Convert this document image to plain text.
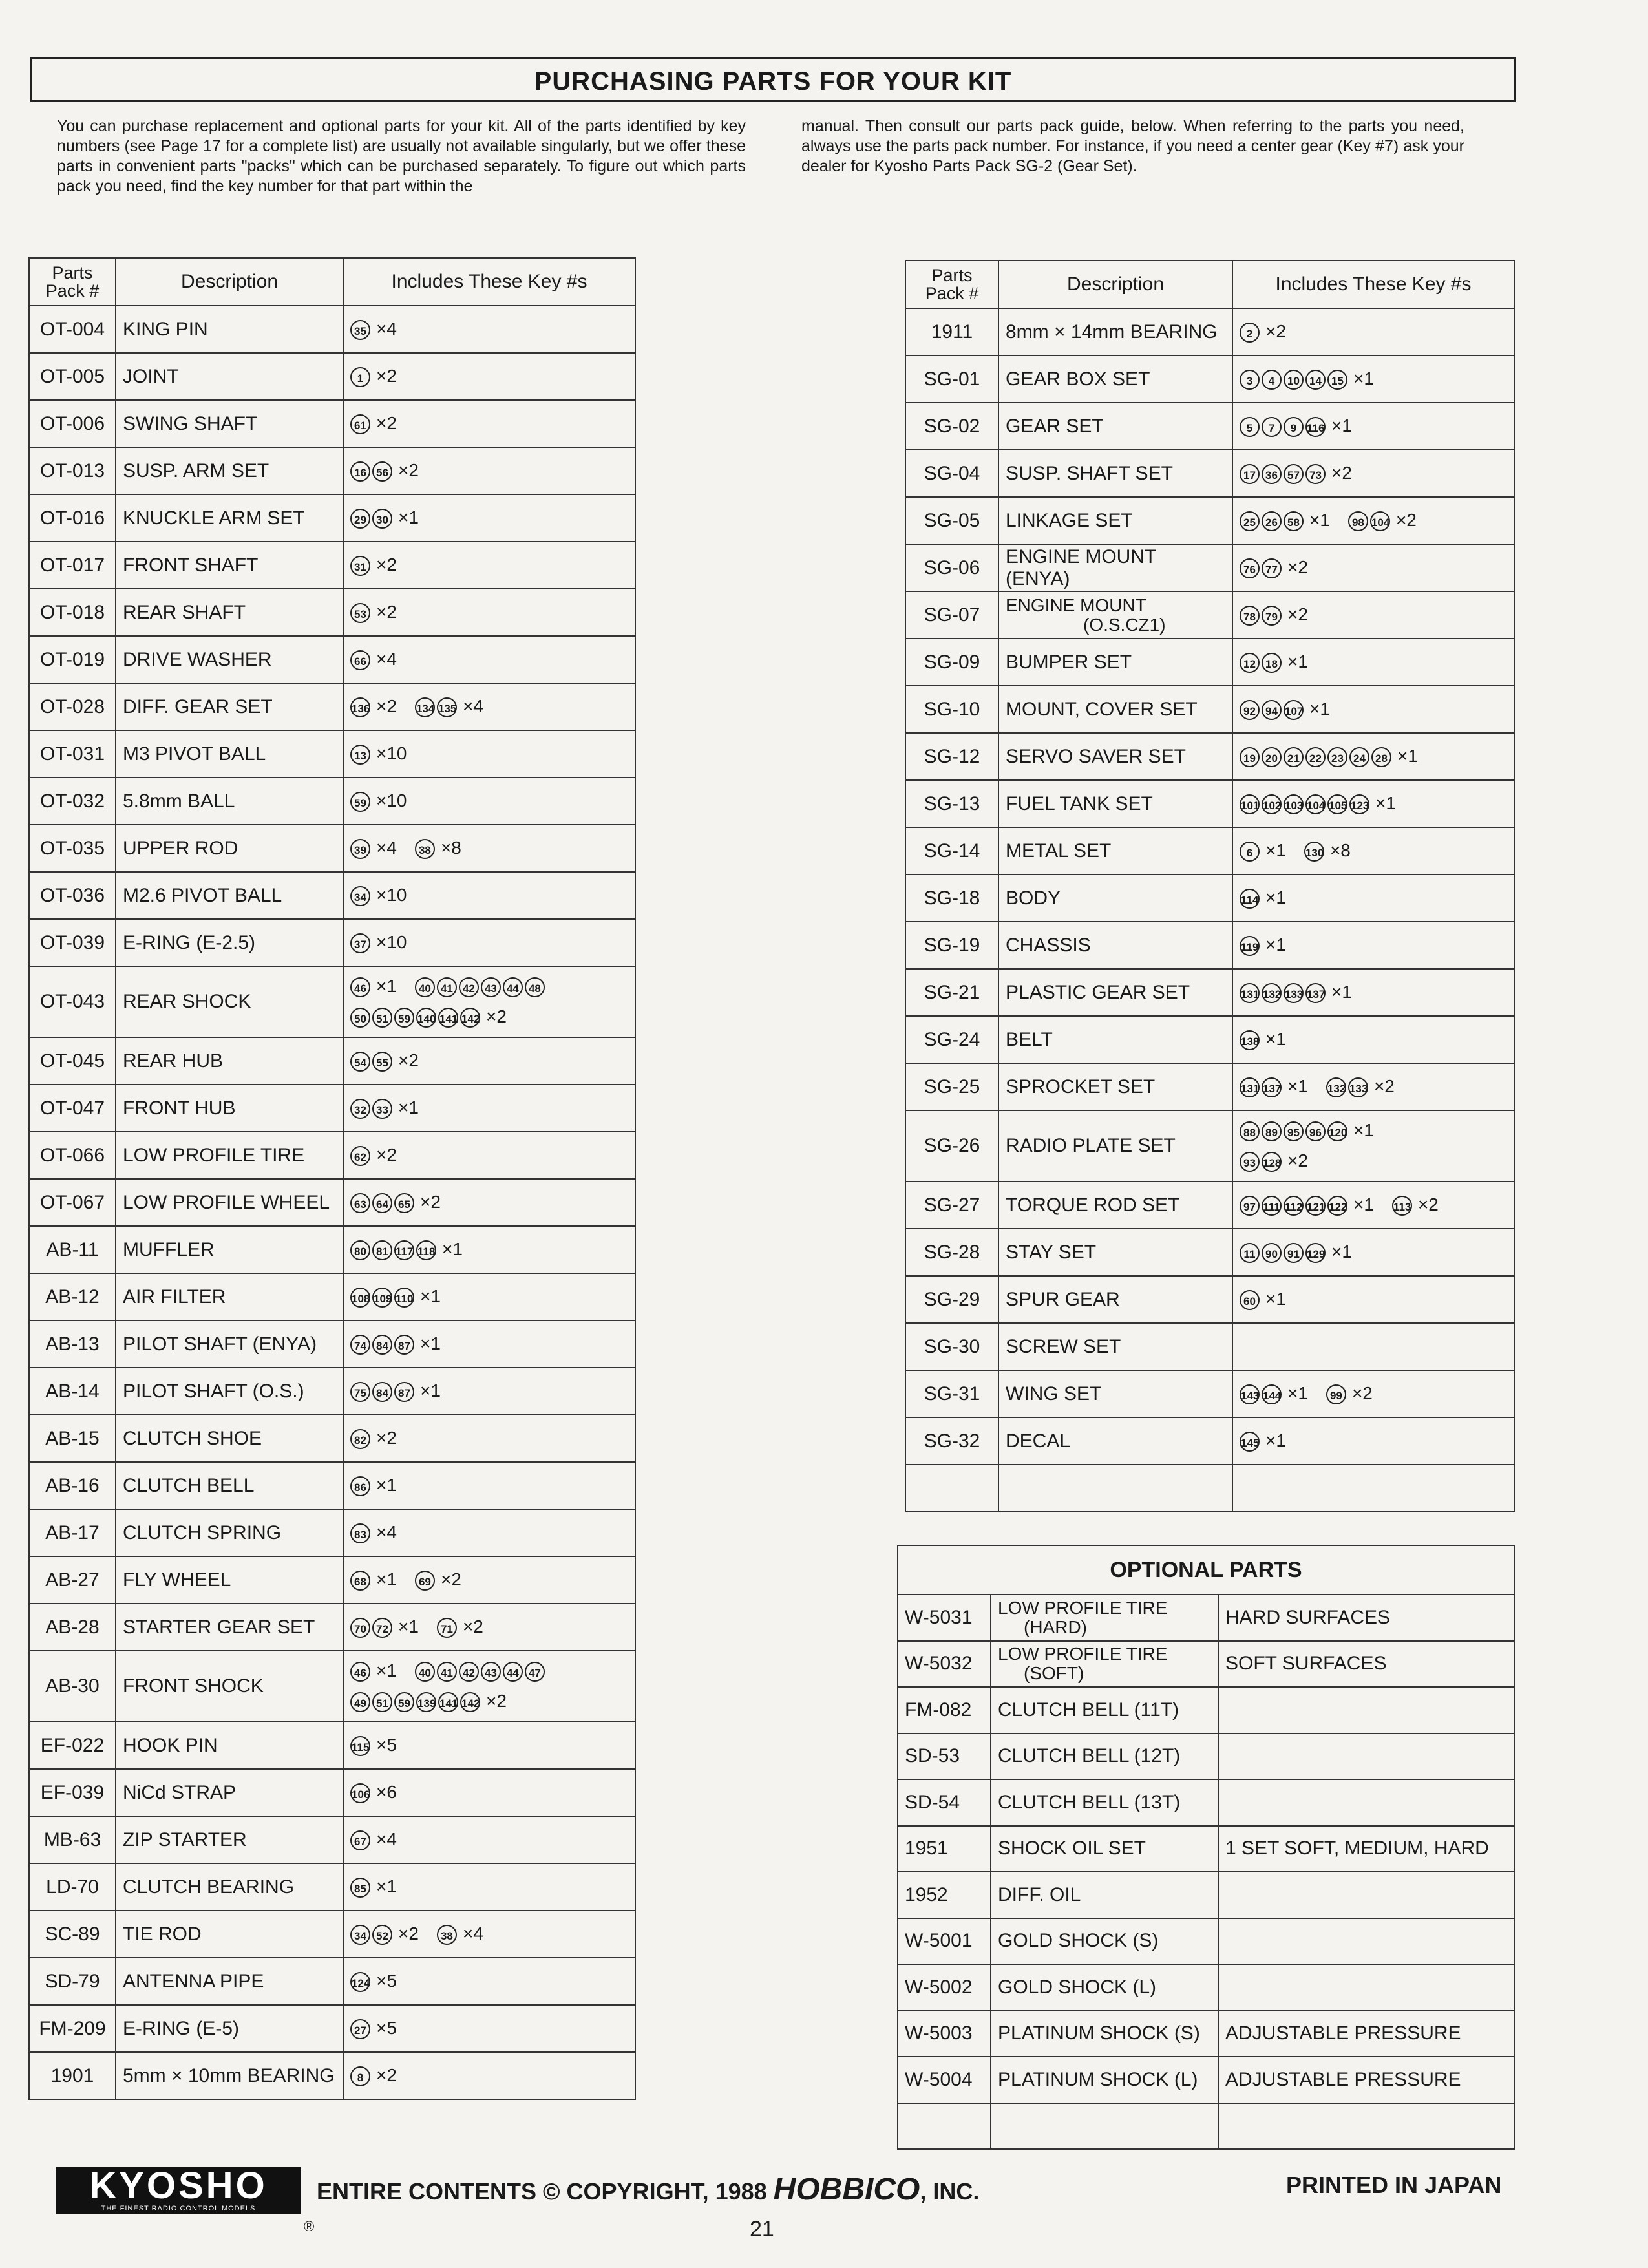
PURCHASING PARTS FOR YOUR KIT
You can purchase replacement and optional parts for your kit. All of the parts identified by key numbers (see Page 17 for a complete list) are usually not available singularly, but we offer these parts in convenient parts "packs" which can be purchased separately. To figure out which parts pack you need, find the key number for that part within the
manual. Then consult our parts pack guide, below. When referring to the parts you need, always use the parts pack number. For instance, if you need a center gear (Key #7) ask your dealer for Kyosho Parts Pack SG-2 (Gear Set).
Parts
Pack #	Description	Includes These Key #s
OT-004	KING PIN	35 ×4
OT-005	JOINT	1 ×2
OT-006	SWING SHAFT	61 ×2
OT-013	SUSP. ARM SET	16 56 ×2
OT-016	KNUCKLE ARM SET	29 30 ×1
OT-017	FRONT SHAFT	31 ×2
OT-018	REAR SHAFT	53 ×2
OT-019	DRIVE WASHER	66 ×4
OT-028	DIFF. GEAR SET	136 ×2 134 135 ×4
OT-031	M3 PIVOT BALL	13 ×10
OT-032	5.8mm BALL	59 ×10
OT-035	UPPER ROD	39 ×4 38 ×8
OT-036	M2.6 PIVOT BALL	34 ×10
OT-039	E-RING (E-2.5)	37 ×10
OT-043	REAR SHOCK	46 ×1 40 41 42 43 44 48

50 51 59 140 141 142 ×2
OT-045	REAR HUB	54 55 ×2
OT-047	FRONT HUB	32 33 ×1
OT-066	LOW PROFILE TIRE	62 ×2
OT-067	LOW PROFILE WHEEL	63 64 65 ×2
AB-11	MUFFLER	80 81 117 118 ×1
AB-12	AIR FILTER	108 109 110 ×1
AB-13	PILOT SHAFT (ENYA)	74 84 87 ×1
AB-14	PILOT SHAFT (O.S.)	75 84 87 ×1
AB-15	CLUTCH SHOE	82 ×2
AB-16	CLUTCH BELL	86 ×1
AB-17	CLUTCH SPRING	83 ×4
AB-27	FLY WHEEL	68 ×1 69 ×2
AB-28	STARTER GEAR SET	70 72 ×1 71 ×2
AB-30	FRONT SHOCK	46 ×1 40 41 42 43 44 47

49 51 59 139 141 142 ×2
EF-022	HOOK PIN	115 ×5
EF-039	NiCd STRAP	106 ×6
MB-63	ZIP STARTER	67 ×4
LD-70	CLUTCH BEARING	85 ×1
SC-89	TIE ROD	34 52 ×2 38 ×4
SD-79	ANTENNA PIPE	124 ×5
FM-209	E-RING (E-5)	27 ×5
1901	5mm × 10mm BEARING	8 ×2
Parts
Pack #	Description	Includes These Key #s
1911	8mm × 14mm BEARING	2 ×2
SG-01	GEAR BOX SET	3 4 10 14 15 ×1
SG-02	GEAR SET	5 7 9 116 ×1
SG-04	SUSP. SHAFT SET	17 36 57 73 ×2
SG-05	LINKAGE SET	25 26 58 ×1 98 104 ×2
SG-06	ENGINE MOUNT (ENYA)	76 77 ×2
SG-07	ENGINE MOUNT
(O.S.CZ1)	78 79 ×2
SG-09	BUMPER SET	12 18 ×1
SG-10	MOUNT, COVER SET	92 94 107 ×1
SG-12	SERVO SAVER SET	19 20 21 22 23 24 28 ×1
SG-13	FUEL TANK SET	101 102 103 104 105 123 ×1
SG-14	METAL SET	6 ×1 130 ×8
SG-18	BODY	114 ×1
SG-19	CHASSIS	119 ×1
SG-21	PLASTIC GEAR SET	131 132 133 137 ×1
SG-24	BELT	138 ×1
SG-25	SPROCKET SET	131 137 ×1 132 133 ×2
SG-26	RADIO PLATE SET	88 89 95 96 120 ×1

93 128 ×2
SG-27	TORQUE ROD SET	97 111 112 121 122 ×1 113 ×2
SG-28	STAY SET	11 90 91 129 ×1
SG-29	SPUR GEAR	60 ×1
SG-30	SCREW SET	
SG-31	WING SET	143 144 ×1 99 ×2
SG-32	DECAL	145 ×1

OPTIONAL PARTS		
W-5031	LOW PROFILE TIRE
(HARD)	HARD SURFACES
W-5032	LOW PROFILE TIRE
(SOFT)	SOFT SURFACES
FM-082	CLUTCH BELL (11T)	
SD-53	CLUTCH BELL (12T)	
SD-54	CLUTCH BELL (13T)	
1951	SHOCK OIL SET	1 SET SOFT, MEDIUM, HARD
1952	DIFF. OIL	
W-5001	GOLD SHOCK (S)	
W-5002	GOLD SHOCK (L)	
W-5003	PLATINUM SHOCK (S)	ADJUSTABLE PRESSURE
W-5004	PLATINUM SHOCK (L)	ADJUSTABLE PRESSURE

KYOSHO
THE FINEST RADIO CONTROL MODELS
®
ENTIRE CONTENTS © COPYRIGHT, 1988 HOBBICO, INC.	PRINTED IN JAPAN
21
